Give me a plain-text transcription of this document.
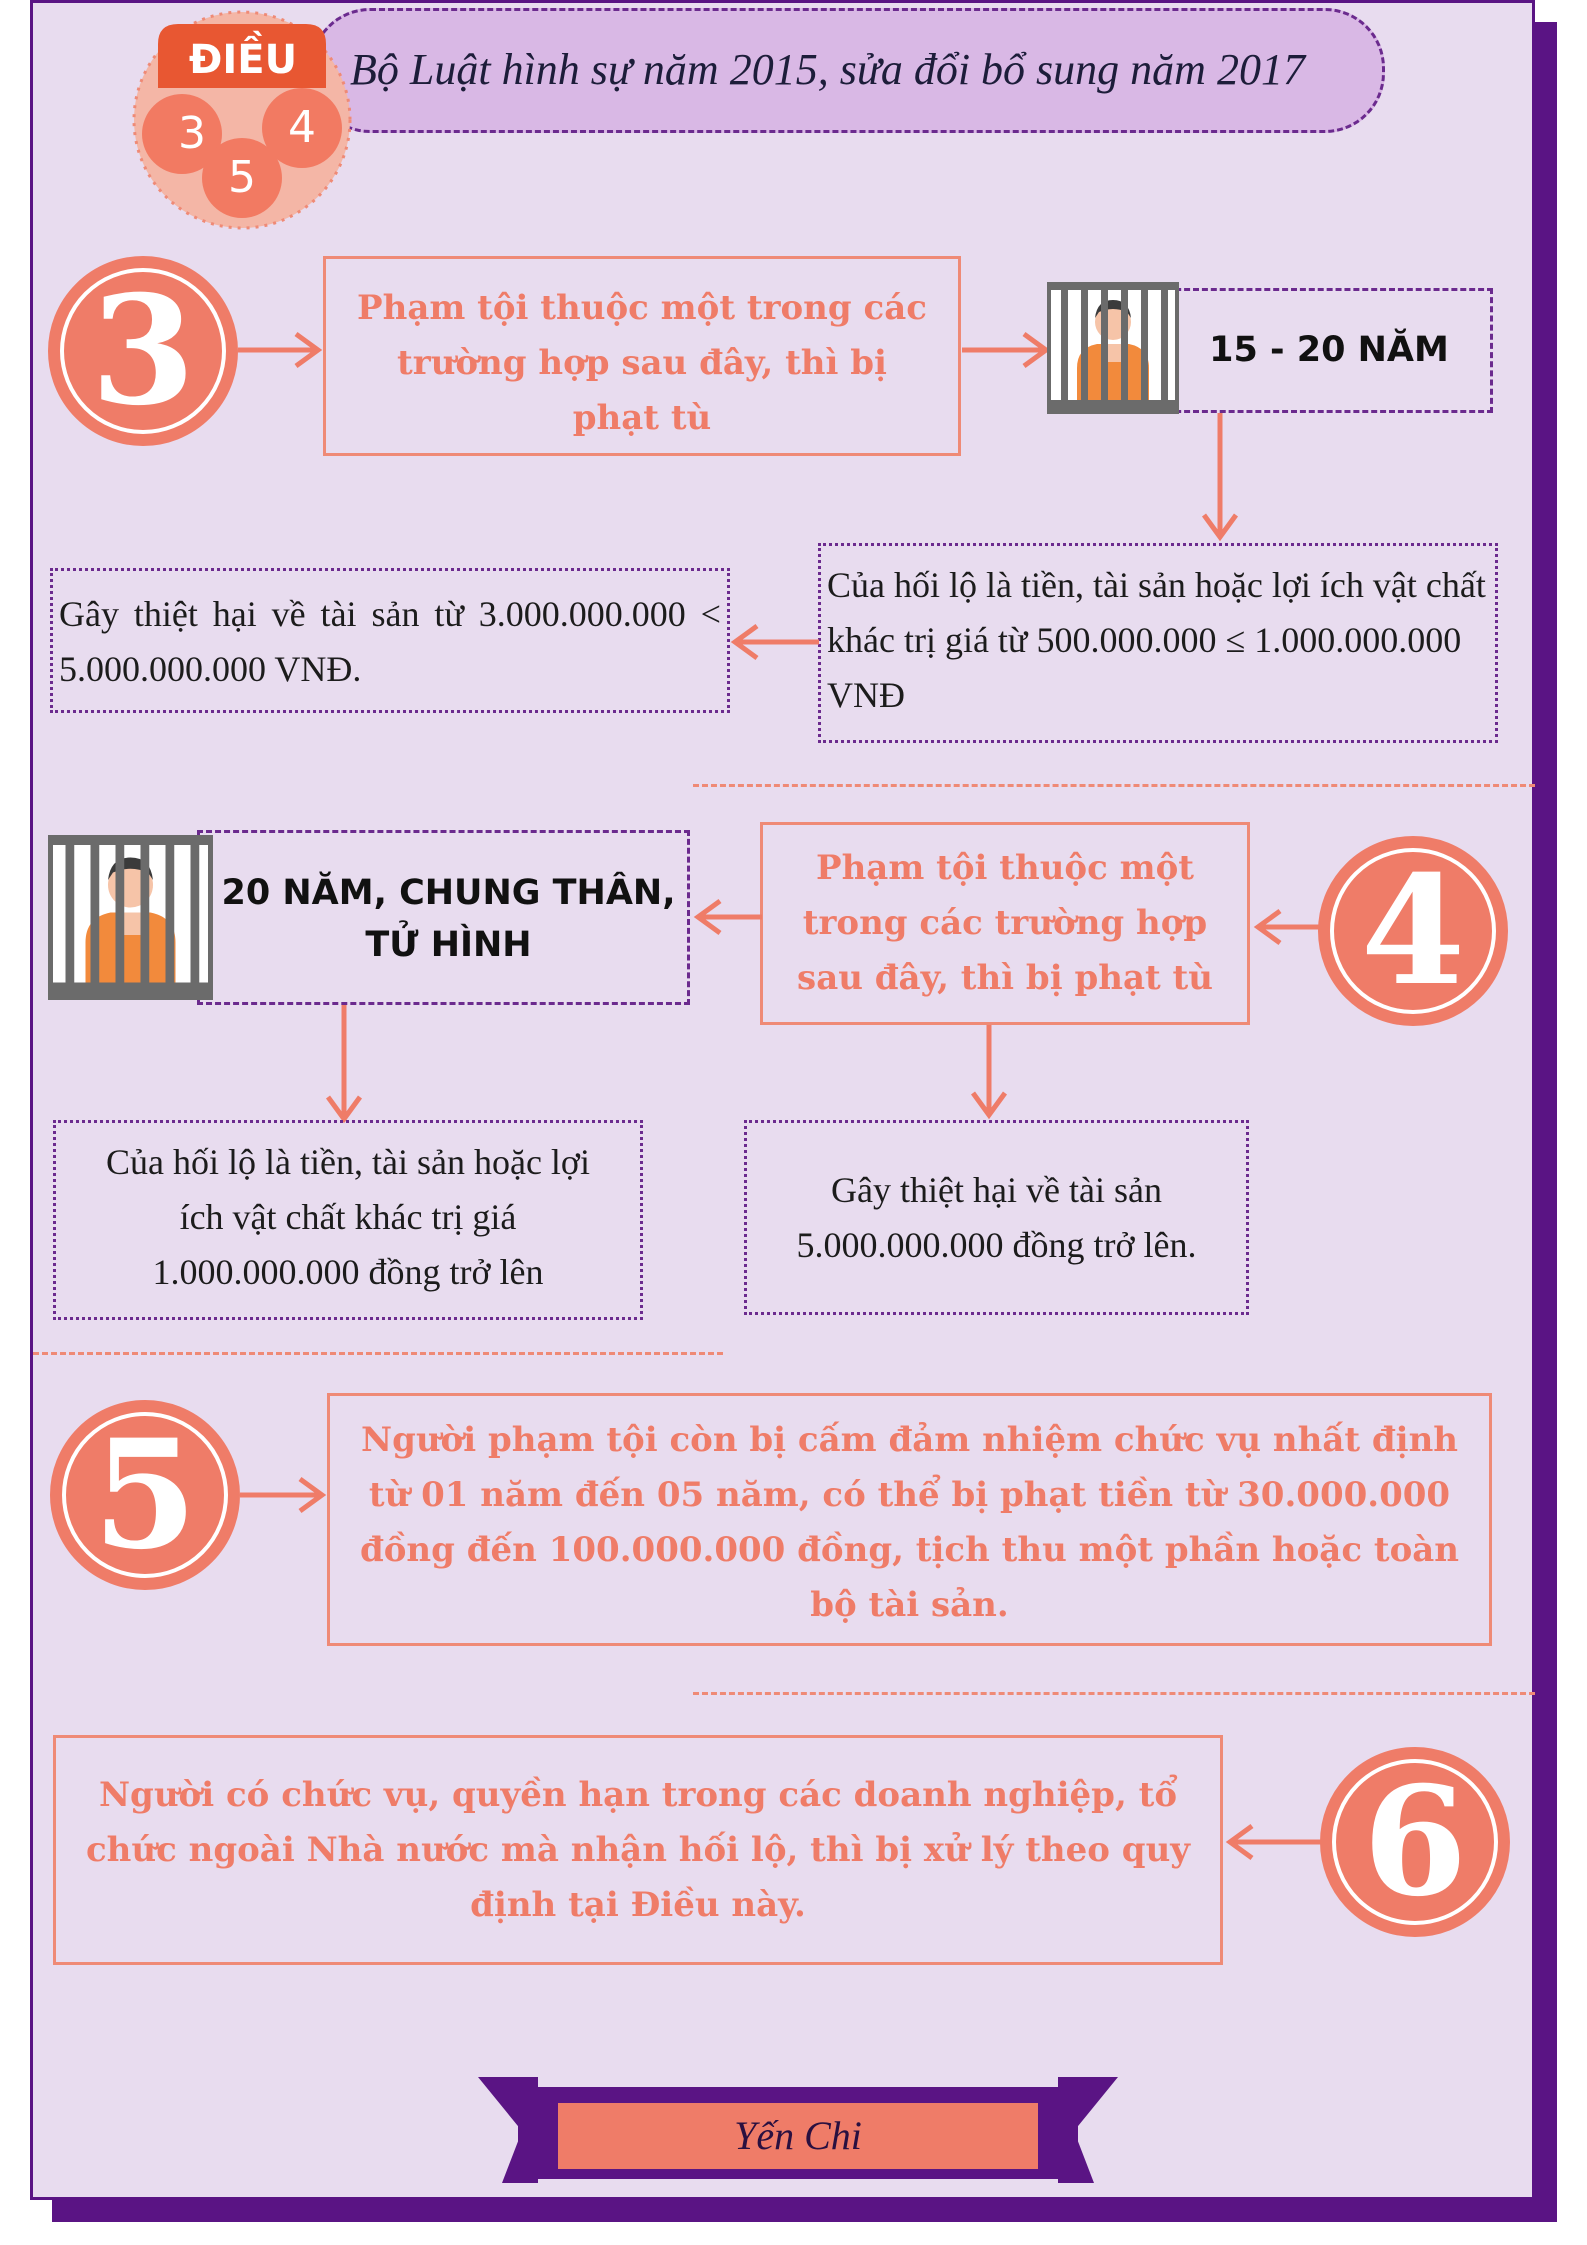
Bộ Luật hình sự năm 2015, sửa đổi bổ sung năm 2017
ĐIỀU
3
5
4
3	Phạm tội thuộc một trong các trường hợp sau đây, thì bị phạt tù
15 - 20 NĂM
Của hối lộ là tiền, tài sản hoặc lợi ích vật chất khác trị giá từ 500.000.000 ≤ 1.000.000.000 VNĐ
Gây thiệt hại về tài sản từ 3.000.000.000 < 5.000.000.000 VNĐ.
4
Phạm tội thuộc một trong các trường hợp sau đây, thì bị phạt tù
20 NĂM, CHUNG THÂN, TỬ HÌNH
Của hối lộ là tiền, tài sản hoặc lợi ích vật chất khác trị giá 1.000.000.000 đồng trở lên
Gây thiệt hại về tài sản 5.000.000.000 đồng trở lên.
5	Người phạm tội còn bị cấm đảm nhiệm chức vụ nhất định từ 01 năm đến 05 năm, có thể bị phạt tiền từ 30.000.000 đồng đến 100.000.000 đồng, tịch thu một phần hoặc toàn bộ tài sản.
6
Người có chức vụ, quyền hạn trong các doanh nghiệp, tổ chức ngoài Nhà nước mà nhận hối lộ, thì bị xử lý theo quy định tại Điều này.
Yến Chi
